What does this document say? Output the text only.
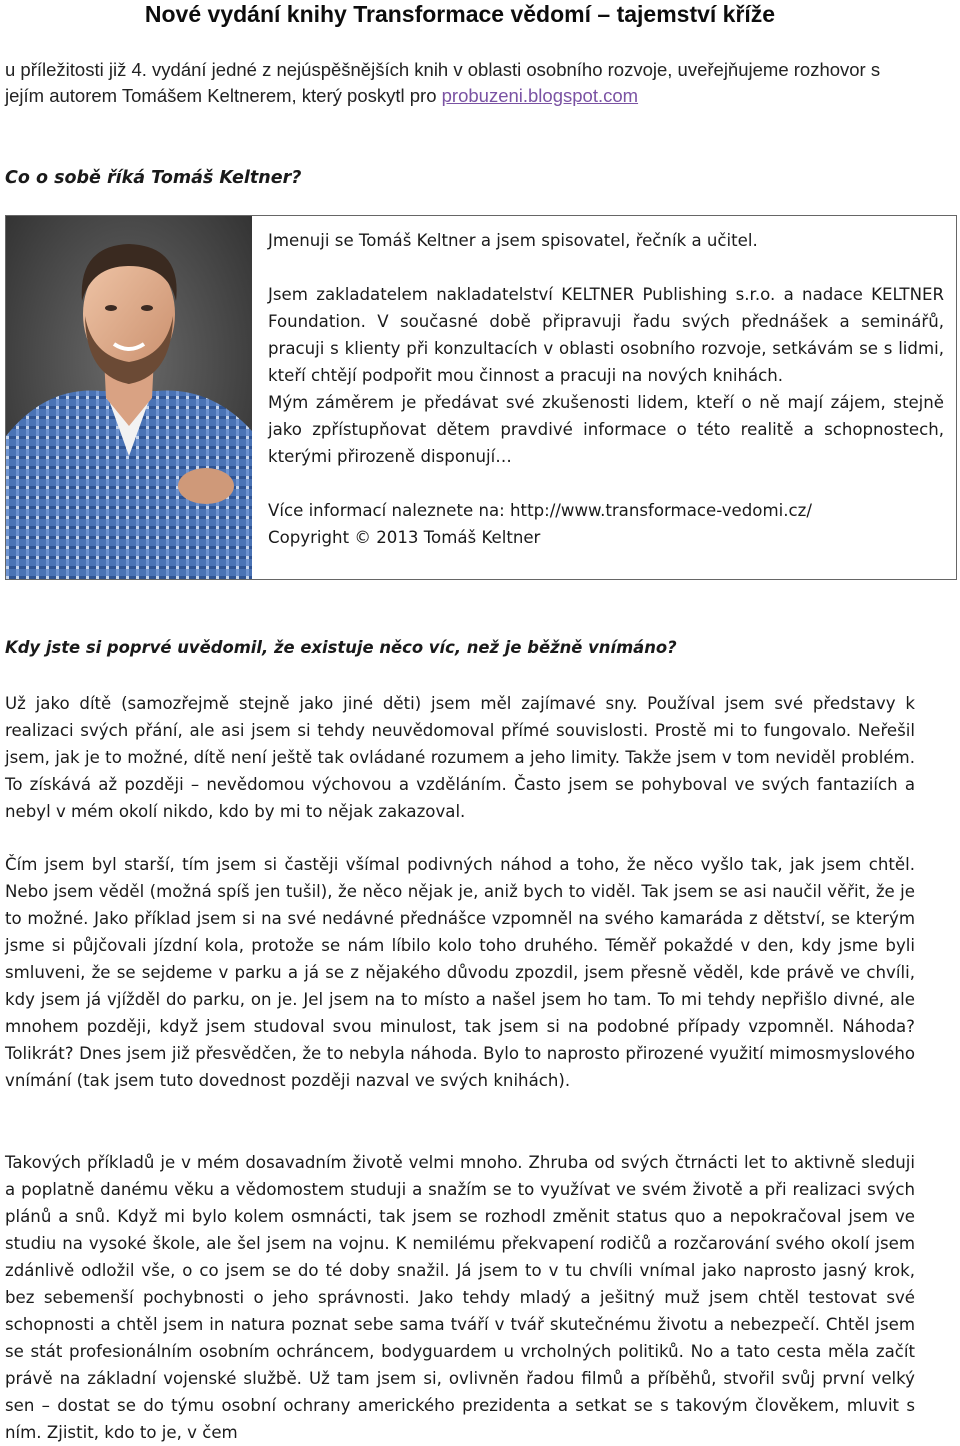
Nové vydání knihy Transformace vědomí – tajemství kříže
u příležitosti již 4. vydání jedné z nejúspěšnějších knih v oblasti osobního rozvoje, uveřejňujeme rozhovor s jejím autorem Tomášem Keltnerem, který poskytl pro probuzeni.blogspot.com
Co o sobě říká Tomáš Keltner?

Jmenuji se Tomáš Keltner a jsem spisovatel, řečník a učitel.

Jsem zakladatelem nakladatelství KELTNER Publishing s.r.o. a nadace KELTNER Foundation. V současné době připravuji řadu svých přednášek a seminářů, pracuji s klienty při konzultacích v oblasti osobního rozvoje, setkávám se s lidmi, kteří chtějí podpořit mou činnost a pracuji na nových knihách.

Mým záměrem je předávat své zkušenosti lidem, kteří o ně mají zájem, stejně jako zpřístupňovat dětem pravdivé informace o této realitě a schopnostech, kterými přirozeně disponují…

Více informací naleznete na: http://www.transformace-vedomi.cz/

Copyright © 2013 Tomáš Keltner

Kdy jste si poprvé uvědomil, že existuje něco víc, než je běžně vnímáno?

Už jako dítě (samozřejmě stejně jako jiné děti) jsem měl zajímavé sny. Používal jsem své představy k realizaci svých přání, ale asi jsem si tehdy neuvědomoval přímé souvislosti. Prostě mi to fungovalo. Neřešil jsem, jak je to možné, dítě není ještě tak ovládané rozumem a jeho limity. Takže jsem v tom neviděl problém. To získává až později – nevědomou výchovou a vzděláním. Často jsem se pohyboval ve svých fantaziích a nebyl v mém okolí nikdo, kdo by mi to nějak zakazoval.

Čím jsem byl starší, tím jsem si častěji všímal podivných náhod a toho, že něco vyšlo tak, jak jsem chtěl. Nebo jsem věděl (možná spíš jen tušil), že něco nějak je, aniž bych to viděl. Tak jsem se asi naučil věřit, že je to možné. Jako příklad jsem si na své nedávné přednášce vzpomněl na svého kamaráda z dětství, se kterým jsme si půjčovali jízdní kola, protože se nám líbilo kolo toho druhého. Téměř pokaždé v den, kdy jsme byli smluveni, že se sejdeme v parku a já se z nějakého důvodu zpozdil, jsem přesně věděl, kde právě ve chvíli, kdy jsem já vjížděl do parku, on je. Jel jsem na to místo a našel jsem ho tam. To mi tehdy nepřišlo divné, ale mnohem později, když jsem studoval svou minulost, tak jsem si na podobné případy vzpomněl. Náhoda? Tolikrát? Dnes jsem již přesvědčen, že to nebyla náhoda. Bylo to naprosto přirozené využití mimosmyslového vnímání (tak jsem tuto dovednost později nazval ve svých knihách).

Takových příkladů je v mém dosavadním životě velmi mnoho. Zhruba od svých čtrnácti let to aktivně sleduji a poplatně danému věku a vědomostem studuji a snažím se to využívat ve svém životě a při realizaci svých plánů a snů. Když mi bylo kolem osmnácti, tak jsem se rozhodl změnit status quo a nepokračoval jsem ve studiu na vysoké škole, ale šel jsem na vojnu. K nemilému překvapení rodičů a rozčarování svého okolí jsem zdánlivě odložil vše, o co jsem se do té doby snažil. Já jsem to v tu chvíli vnímal jako naprosto jasný krok, bez sebemenší pochybnosti o jeho správnosti. Jako tehdy mladý a ješitný muž jsem chtěl testovat své schopnosti a chtěl jsem in natura poznat sebe sama tváří v tvář skutečnému životu a nebezpečí. Chtěl jsem se stát profesionálním osobním ochráncem, bodyguardem u vrcholných politiků. No a tato cesta měla začít právě na základní vojenské službě. Už tam jsem si, ovlivněn řadou filmů a příběhů, stvořil svůj první velký sen – dostat se do týmu osobní ochrany amerického prezidenta a setkat se s takovým člověkem, mluvit s ním. Zjistit, kdo to je, v čem
